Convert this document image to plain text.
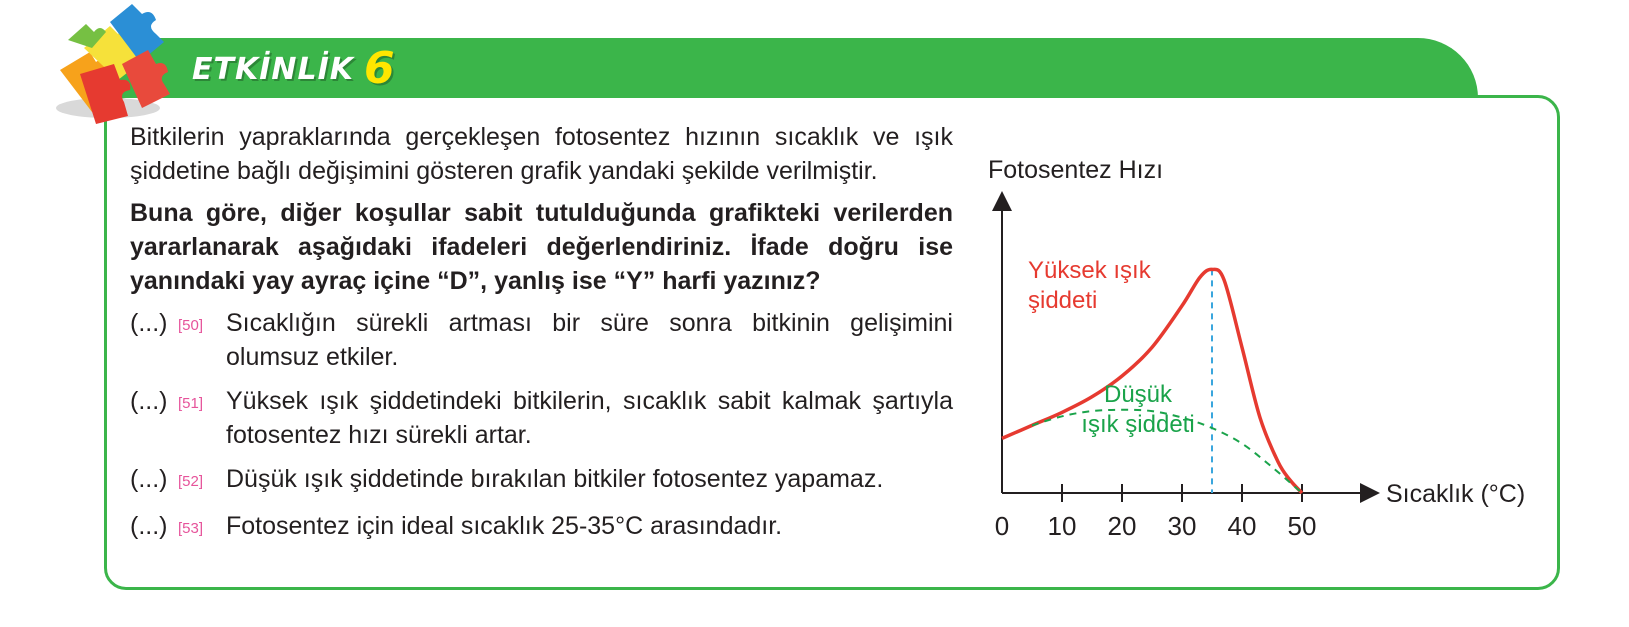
ETKİNLİK 6

Bitkilerin yapraklarında gerçekleşen fotosentez hızının sıcaklık ve ışık şiddetine bağlı değişimini gösteren grafik yandaki şekilde verilmiştir.

Buna göre, diğer koşullar sabit tutulduğunda grafikteki verilerden yararlanarak aşağıdaki ifadeleri değerlendiriniz. İfade doğru ise yanındaki yay ayraç içine “D”, yanlış ise “Y” harfi yazınız?

(...) [50] Sıcaklığın sürekli artması bir süre sonra bitkinin gelişimini olumsuz etkiler.
(...) [51] Yüksek ışık şiddetindeki bitkilerin, sıcaklık sabit kalmak şartıyla fotosentez hızı sürekli artar.
(...) [52] Düşük ışık şiddetinde bırakılan bitkiler fotosentez yapamaz.
(...) [53] Fotosentez için ideal sıcaklık 25-35°C arasındadır.
Fotosentez Hızı
Sıcaklık (°C)
0 10 20 30 40 50
Yüksek ışık şiddeti
Düşük ışık şiddeti
